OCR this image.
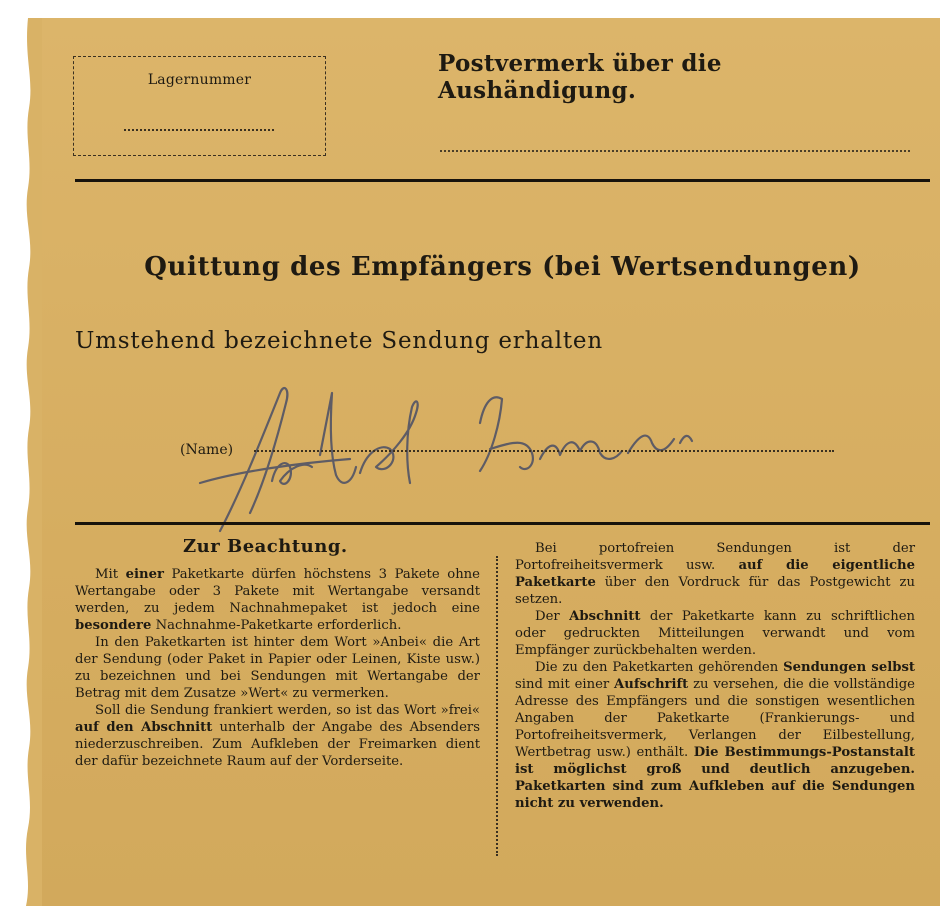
Lagernummer
Postvermerk über die Aushändigung.
Quittung des Empfängers (bei Wertsendungen)
Umstehend bezeichnete Sendung erhalten
(Name)
Zur Beachtung.

Mit einer Paketkarte dürfen höchstens 3 Pakete ohne Wertangabe oder 3 Pakete mit Wertangabe versandt werden, zu jedem Nachnahmepaket ist jedoch eine besondere Nachnahme-Paketkarte erforderlich.

In den Paketkarten ist hinter dem Wort »Anbei« die Art der Sendung (oder Paket in Papier oder Leinen, Kiste usw.) zu bezeichnen und bei Sendungen mit Wertangabe der Betrag mit dem Zusatze »Wert« zu vermerken.

Soll die Sendung frankiert werden, so ist das Wort »frei« auf den Abschnitt unterhalb der Angabe des Absenders niederzuschreiben. Zum Aufkleben der Freimarken dient der dafür bezeichnete Raum auf der Vorderseite.

Bei portofreien Sendungen ist der Portofreiheitsvermerk usw. auf die eigentliche Paketkarte über den Vordruck für das Postgewicht zu setzen.

Der Abschnitt der Paketkarte kann zu schriftlichen oder gedruckten Mitteilungen verwandt und vom Empfänger zurückbehalten werden.

Die zu den Paketkarten gehörenden Sendungen selbst sind mit einer Aufschrift zu versehen, die die vollständige Adresse des Empfängers und die sonstigen wesentlichen Angaben der Paketkarte (Frankierungs- und Portofreiheitsvermerk, Verlangen der Eilbestellung, Wertbetrag usw.) enthält. Die Bestimmungs-Postanstalt ist möglichst groß und deutlich anzugeben. Paketkarten sind zum Aufkleben auf die Sendungen nicht zu verwenden.
